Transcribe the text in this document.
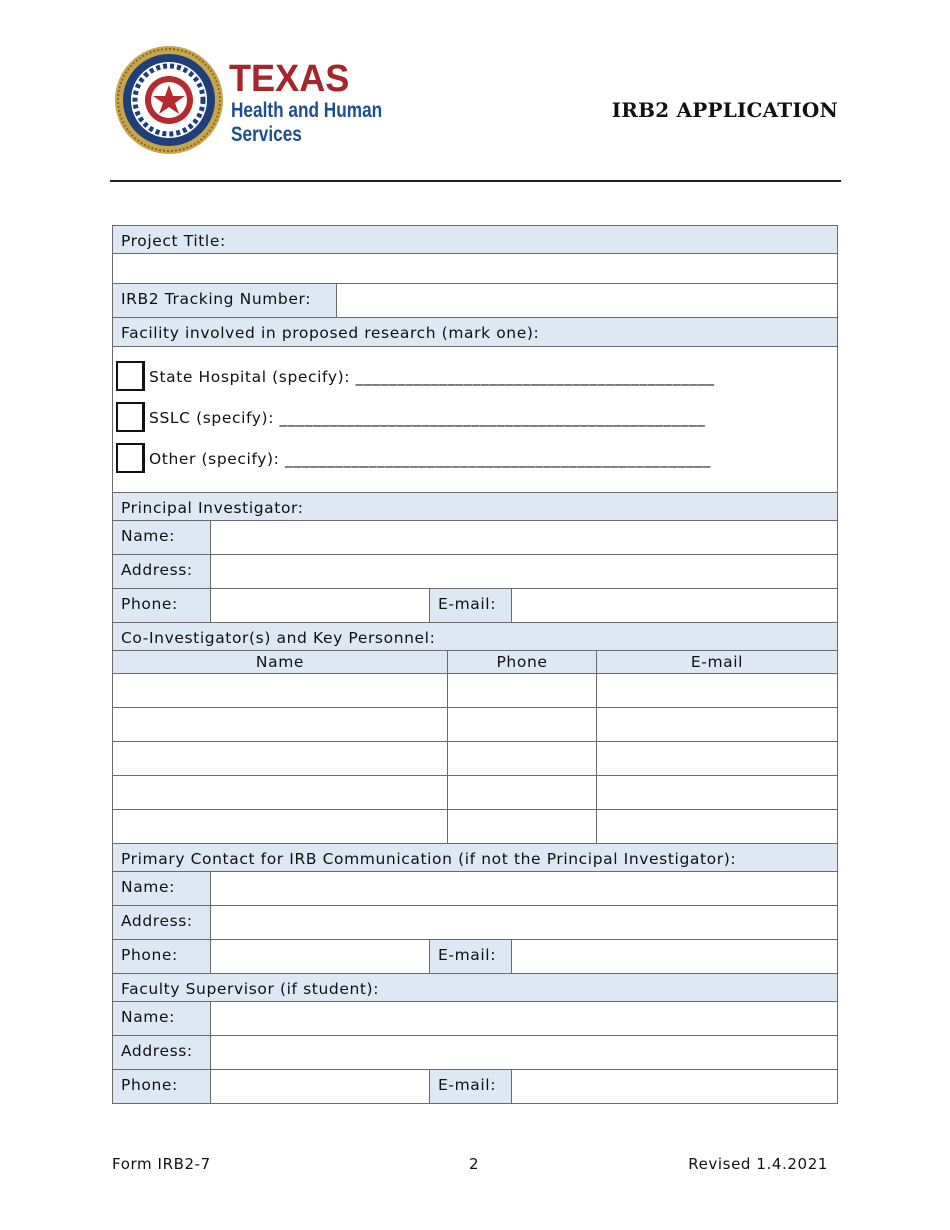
TEXAS
Health and Human
Services
IRB2 APPLICATION
Project Title:
IRB2 Tracking Number:
Facility involved in proposed research (mark one):
State Hospital (specify): ___________________________________________
SSLC (specify): ___________________________________________________
Other (specify): ___________________________________________________
Principal Investigator:
Name:
Address:
Phone:	E-mail:
Co-Investigator(s) and Key Personnel:
Name	Phone	E-mail
Primary Contact for IRB Communication (if not the Principal Investigator):
Name:
Address:
Phone:	E-mail:
Faculty Supervisor (if student):
Name:
Address:
Phone:	E-mail:
Form IRB2-7	2	Revised 1.4.2021
